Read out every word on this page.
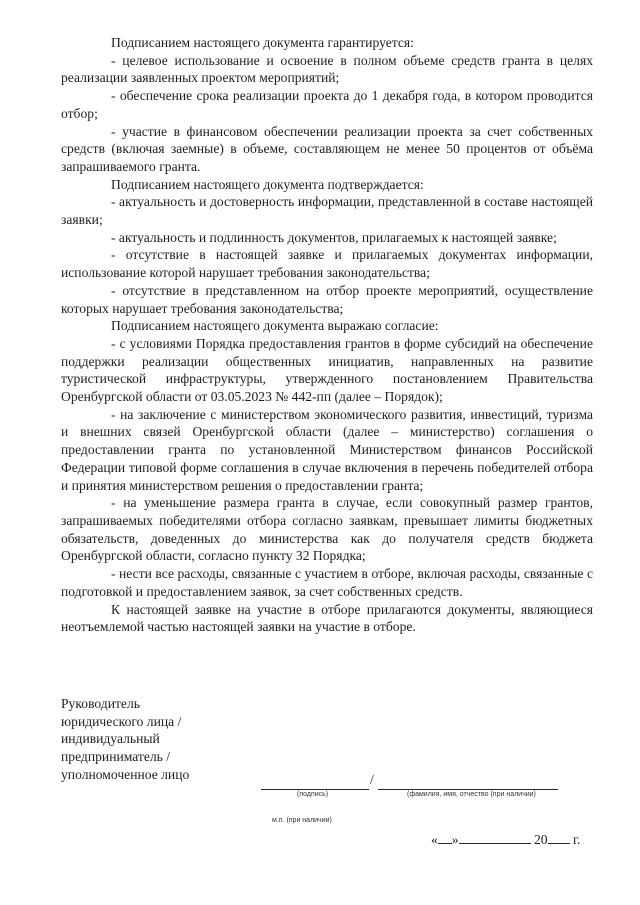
Подписанием настоящего документа гарантируется:

- целевое использование и освоение в полном объеме средств гранта в целях реализации заявленных проектом мероприятий;

- обеспечение срока реализации проекта до 1 декабря года, в котором проводится отбор;

- участие в финансовом обеспечении реализации проекта за счет собственных средств (включая заемные) в объеме, составляющем не менее 50 процентов от объёма запрашиваемого гранта.

Подписанием настоящего документа подтверждается:

- актуальность и достоверность информации, представленной в составе настоящей заявки;

- актуальность и подлинность документов, прилагаемых к настоящей заявке;

- отсутствие в настоящей заявке и прилагаемых документах информации, использование которой нарушает требования законодательства;

- отсутствие в представленном на отбор проекте мероприятий, осуществление которых нарушает требования законодательства;

Подписанием настоящего документа выражаю согласие:

- с условиями Порядка предоставления грантов в форме субсидий на обеспечение поддержки реализации общественных инициатив, направленных на развитие туристической инфраструктуры, утвержденного постановлением Правительства Оренбургской области от 03.05.2023 № 442-пп (далее – Порядок);

- на заключение с министерством экономического развития, инвестиций, туризма и внешних связей Оренбургской области (далее – министерство) соглашения о предоставлении гранта по установленной Министерством финансов Российской Федерации типовой форме соглашения в случае включения в перечень победителей отбора и принятия министерством решения о предоставлении гранта;

- на уменьшение размера гранта в случае, если совокупный размер грантов, запрашиваемых победителями отбора согласно заявкам, превышает лимиты бюджетных обязательств, доведенных до министерства как до получателя средств бюджета Оренбургской области, согласно пункту 32 Порядка;

- нести все расходы, связанные с участием в отборе, включая расходы, связанные с подготовкой и предоставлением заявок, за счет собственных средств.

К настоящей заявке на участие в отборе прилагаются документы, являющиеся неотъемлемой частью настоящей заявки на участие в отборе.

Руководитель
юридического лица /
индивидуальный
предприниматель /
уполномоченное лицо	/
(подпись)	(фамилия, имя, отчество (при наличии)
м.п. (при наличии)
« »	20 г.
